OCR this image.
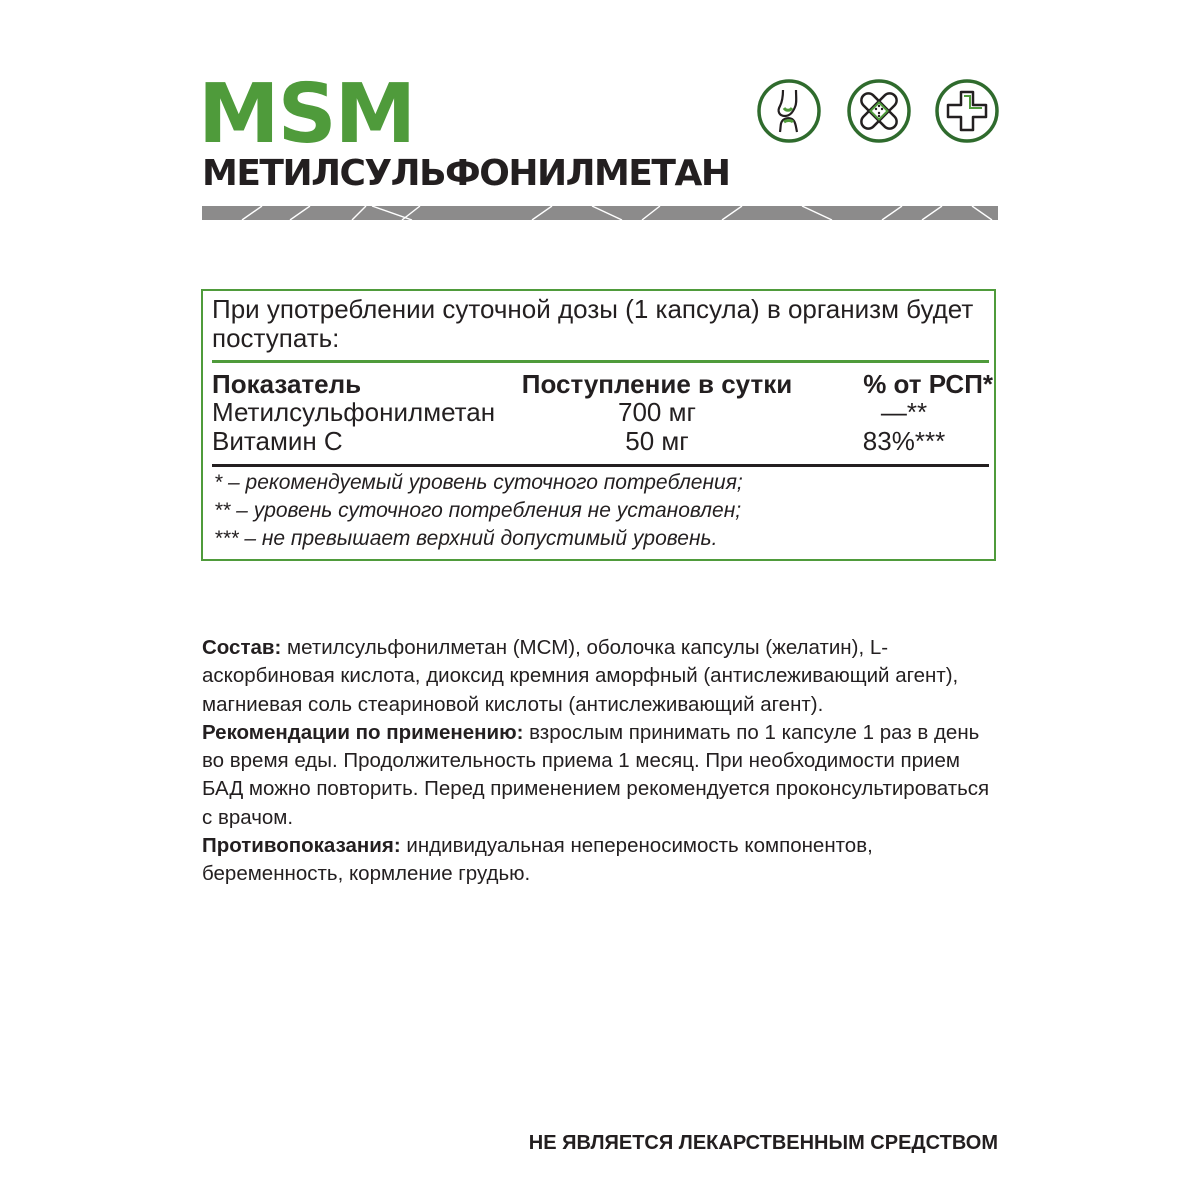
MSM
МЕТИЛСУЛЬФОНИЛМЕТАН

При употреблении суточной дозы (1 капсула) в организм будет поступать:

Показатель	Поступление в сутки	% от РСП*
Метилсульфонилметан	700 мг	—**
Витамин С	50 мг	83%***
* – рекомендуемый уровень суточного потребления;
** – уровень суточного потребления не установлен;
*** – не превышает верхний допустимый уровень.

Состав: метилсульфонилметан (МСМ), оболочка капсулы (желатин), L-аскорбиновая кислота, диоксид кремния аморфный (антислеживающий агент), магниевая соль стеариновой кислоты (антислеживающий агент).

Рекомендации по применению: взрослым принимать по 1 капсуле 1 раз в день во время еды. Продолжительность приема 1 месяц. При необходимости прием БАД можно повторить. Перед применением рекомендуется проконсультироваться с врачом.

Противопоказания: индивидуальная непереносимость компонентов, беременность, кормление грудью.

НЕ ЯВЛЯЕТСЯ ЛЕКАРСТВЕННЫМ СРЕДСТВОМ
